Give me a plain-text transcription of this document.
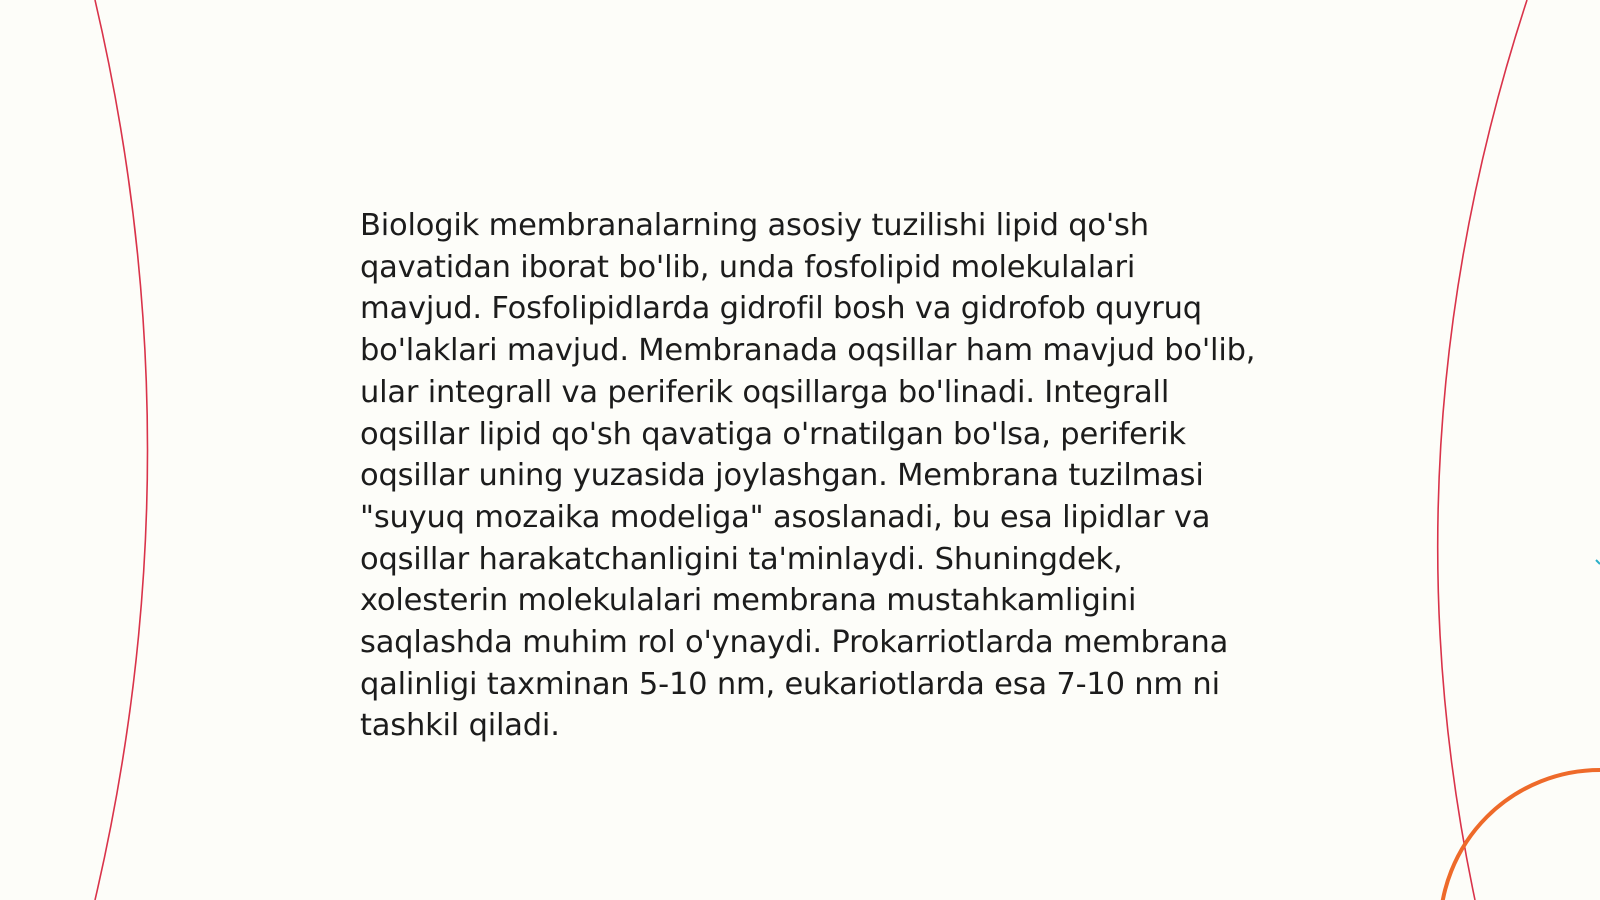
Biologik membranalarning asosiy tuzilishi lipid qo'sh qavatidan iborat bo'lib, unda fosfolipid molekulalari mavjud. Fosfolipidlarda gidrofil bosh va gidrofob quyruq bo'laklari mavjud. Membranada oqsillar ham mavjud bo'lib, ular integrall va periferik oqsillarga bo'linadi. Integrall oqsillar lipid qo'sh qavatiga o'rnatilgan bo'lsa, periferik oqsillar uning yuzasida joylashgan. Membrana tuzilmasi "suyuq mozaika modeliga" asoslanadi, bu esa lipidlar va oqsillar harakatchanligini ta'minlaydi. Shuningdek, xolesterin molekulalari membrana mustahkamligini saqlashda muhim rol o'ynaydi. Prokarriotlarda membrana qalinligi taxminan 5-10 nm, eukariotlarda esa 7-10 nm ni tashkil qiladi.
